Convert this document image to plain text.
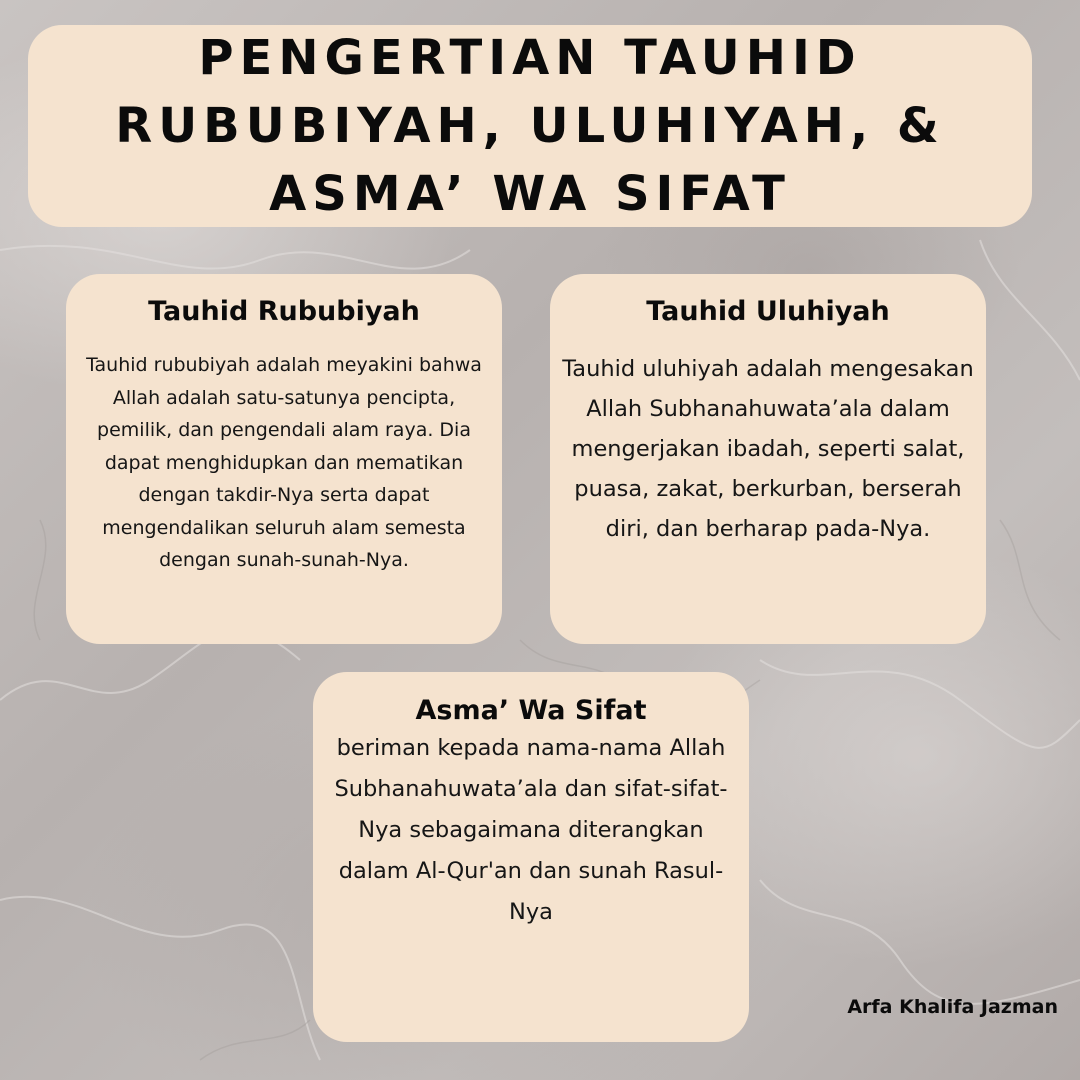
PENGERTIAN TAUHID
RUBUBIYAH, ULUHIYAH, &
ASMA’ WA SIFAT
Tauhid Rububiyah

Tauhid rububiyah adalah meyakini bahwa Allah adalah satu-satunya pencipta, pemilik, dan pengendali alam raya. Dia dapat menghidupkan dan mematikan dengan takdir-Nya serta dapat mengendalikan seluruh alam semesta dengan sunah-sunah-Nya.

Tauhid Uluhiyah

Tauhid uluhiyah adalah mengesakan Allah Subhanahuwata’ala dalam mengerjakan ibadah, seperti salat, puasa, zakat, berkurban, berserah diri, dan berharap pada-Nya.

Asma’ Wa Sifat

beriman kepada nama-nama Allah Subhanahuwata’ala dan sifat-sifat-Nya sebagaimana diterangkan dalam Al-Qur'an dan sunah Rasul-Nya

Arfa Khalifa Jazman
